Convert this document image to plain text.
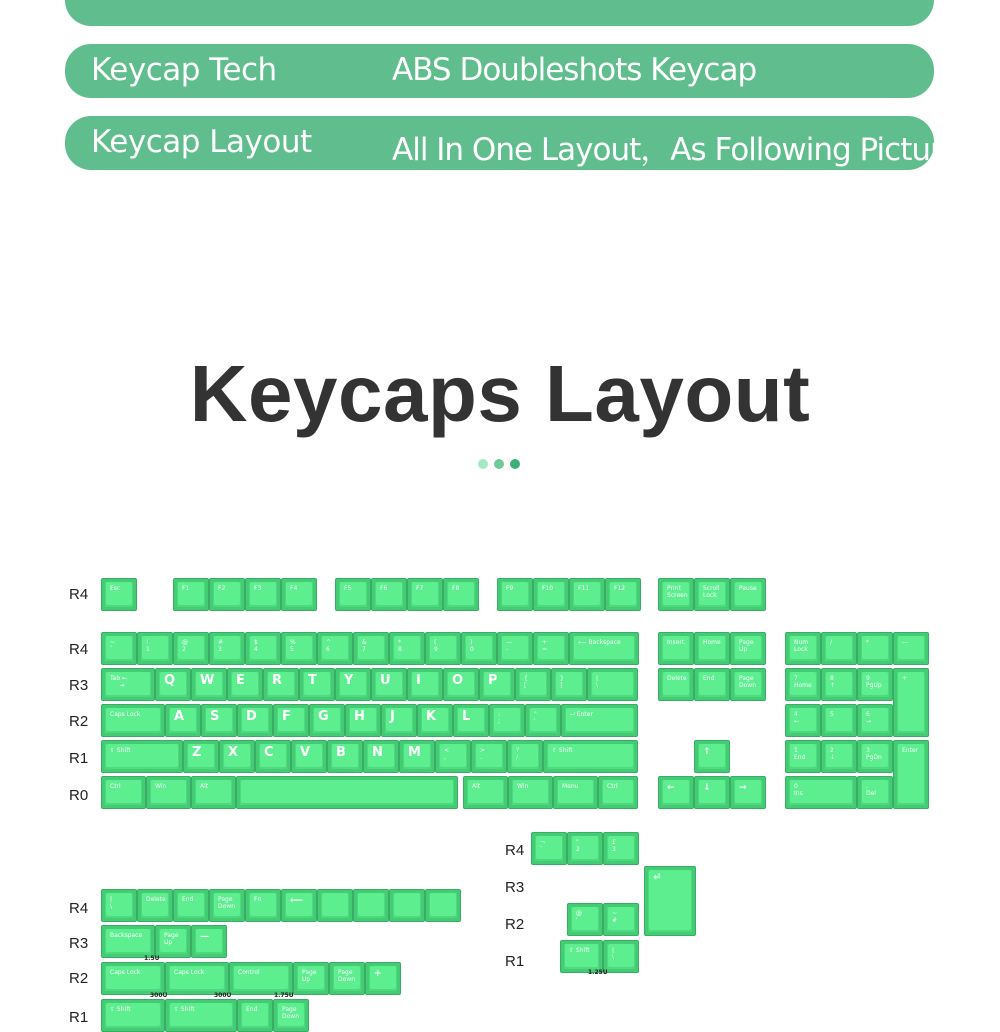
Keycap Tech	ABS Doubleshots Keycap
Keycap Layout	All In One Layout，As Following Picture
Keycaps Layout
R4
R4
R3
R2
R1
R0
R4
R3
R2
R1
R4
R3
R2
R1
Esc	F1	F2	F3	F4	F5	F6	F7	F8	F9	F10	F11	F12	Print
Screen
Scroll
Lock
Pause
~
`
!
1
@
2
#
3
$
4
%
5
^
6
&
7
*
8
(
9
)
0
—
-
+
=
⟵ Backspace	Insert	Home	Page
Up
Num
Lock
/	*	—
Tab ⇤
⇥	Q W E R T Y U I O P	{
[
}
]
|
\
Delete	End	Page
Down
7
Home
8
↑
9
PgUp
+
Caps Lock	A S D F G H J K L	:
;
"
'
⮠ Enter	4
←
5	6
→
⇧ Shift	Z X C V B N M	<
,
>
.
?
/
⇧ Shift	↑	1
End
2
↓
3
PgDn
Enter
Ctrl	Win	Alt	Alt	Win	Menu	Ctrl	←	↓	→	0
Ins
.
Del
¬
`
"
2
£
3
⏎
@
'
~
#
⇧ Shift	|
\
|
\
Delete	End	Page
Down
Fn	⟵
Backspace	Page
Up
—
Caps Lock	Caps Lock	Control	Page
Up
Page
Down
+
⇧ Shift	⇧ Shift	End	Page
Down
1.5U
300U	300U	1.75U
1.25U
